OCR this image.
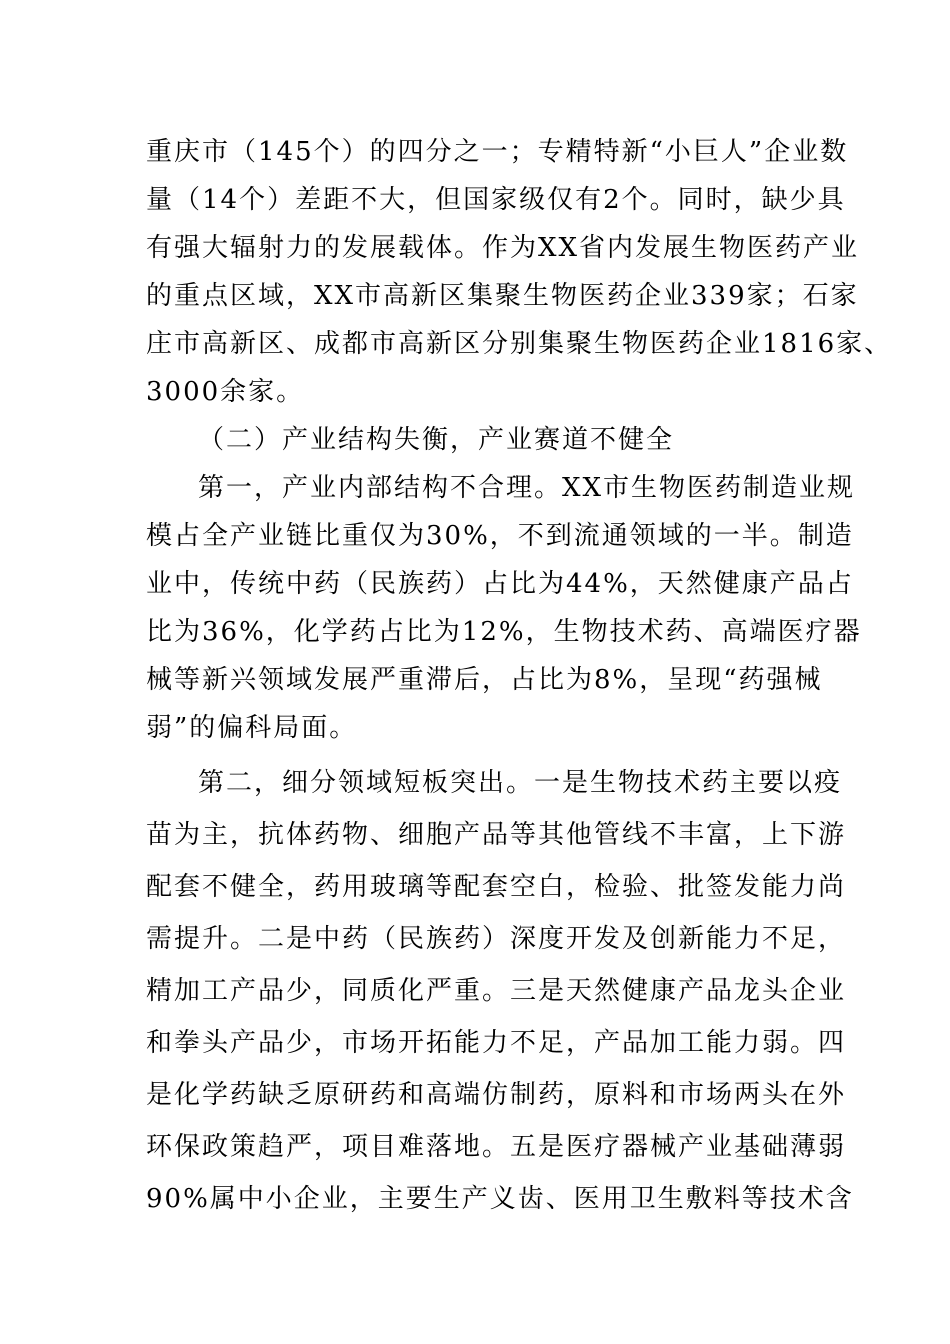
重庆市（145个）的四分之一；专精特新“小巨人”企业数
量（14个）差距不大，但国家级仅有2个。同时，缺少具
有强大辐射力的发展载体。作为XX省内发展生物医药产业
的重点区域，XX市高新区集聚生物医药企业339家；石家
庄市高新区、成都市高新区分别集聚生物医药企业1816家、
3000余家。
（二）产业结构失衡，产业赛道不健全
第一，产业内部结构不合理。XX市生物医药制造业规
模占全产业链比重仅为30%，不到流通领域的一半。制造
业中，传统中药（民族药）占比为44%，天然健康产品占
比为36%，化学药占比为12%，生物技术药、高端医疗器
械等新兴领域发展严重滞后，占比为8%，呈现“药强械
弱”的偏科局面。
第二，细分领域短板突出。一是生物技术药主要以疫
苗为主，抗体药物、细胞产品等其他管线不丰富，上下游
配套不健全，药用玻璃等配套空白，检验、批签发能力尚
需提升。二是中药（民族药）深度开发及创新能力不足，
精加工产品少，同质化严重。三是天然健康产品龙头企业
和拳头产品少，市场开拓能力不足，产品加工能力弱。四
是化学药缺乏原研药和高端仿制药，原料和市场两头在外
环保政策趋严，项目难落地。五是医疗器械产业基础薄弱
90%属中小企业，主要生产义齿、医用卫生敷料等技术含
